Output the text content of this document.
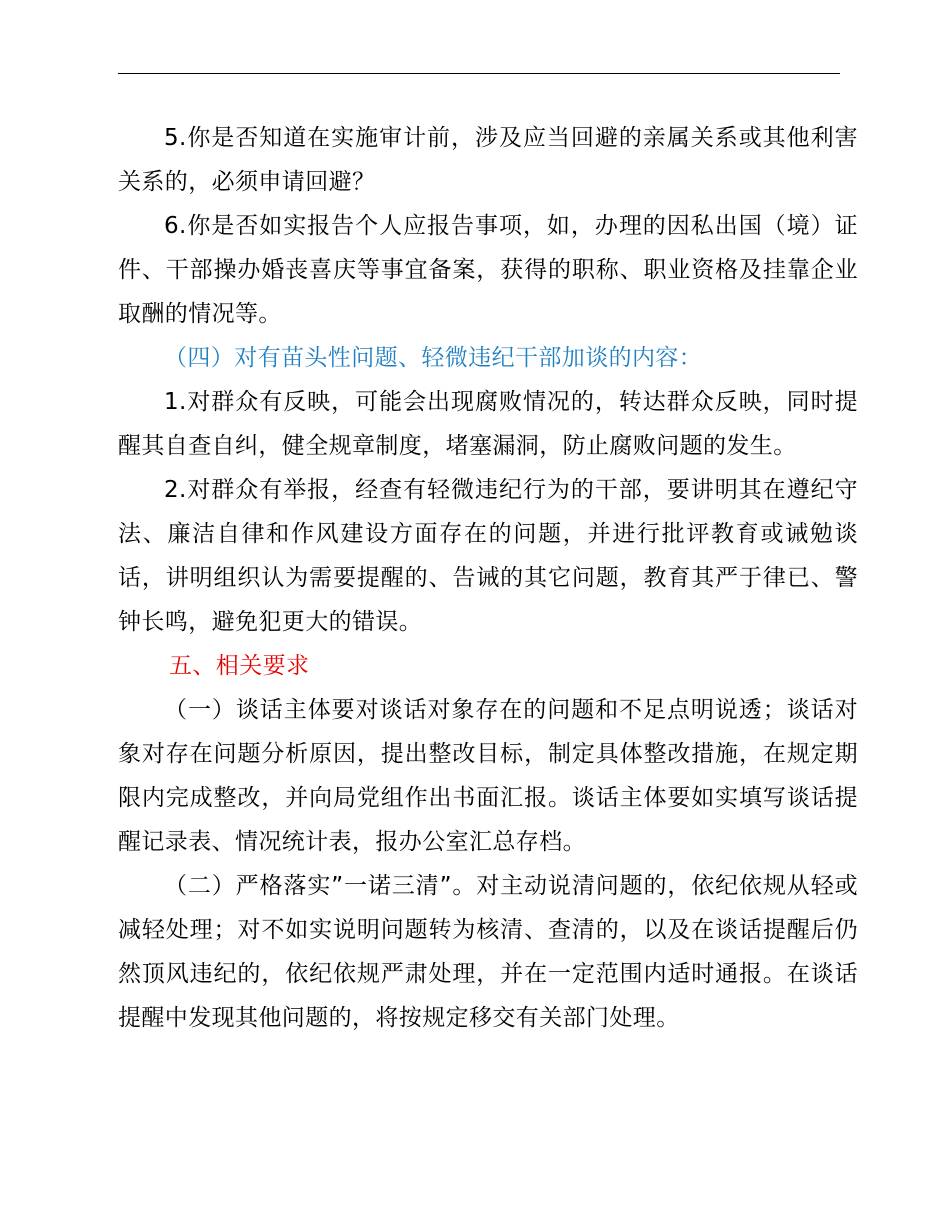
5.你是否知道在实施审计前，涉及应当回避的亲属关系或其他利害关系的，必须申请回避？

6.你是否如实报告个人应报告事项，如，办理的因私出国（境）证件、干部操办婚丧喜庆等事宜备案，获得的职称、职业资格及挂靠企业取酬的情况等。

（四）对有苗头性问题、轻微违纪干部加谈的内容：

1.对群众有反映，可能会出现腐败情况的，转达群众反映，同时提醒其自查自纠，健全规章制度，堵塞漏洞，防止腐败问题的发生。

2.对群众有举报，经查有轻微违纪行为的干部，要讲明其在遵纪守法、廉洁自律和作风建设方面存在的问题，并进行批评教育或诫勉谈话，讲明组织认为需要提醒的、告诫的其它问题，教育其严于律已、警钟长鸣，避免犯更大的错误。

五、相关要求

（一）谈话主体要对谈话对象存在的问题和不足点明说透；谈话对象对存在问题分析原因，提出整改目标，制定具体整改措施，在规定期限内完成整改，并向局党组作出书面汇报。谈话主体要如实填写谈话提醒记录表、情况统计表，报办公室汇总存档。

（二）严格落实”一诺三清”。对主动说清问题的，依纪依规从轻或减轻处理；对不如实说明问题转为核清、查清的，以及在谈话提醒后仍然顶风违纪的，依纪依规严肃处理，并在一定范围内适时通报。在谈话提醒中发现其他问题的，将按规定移交有关部门处理。
